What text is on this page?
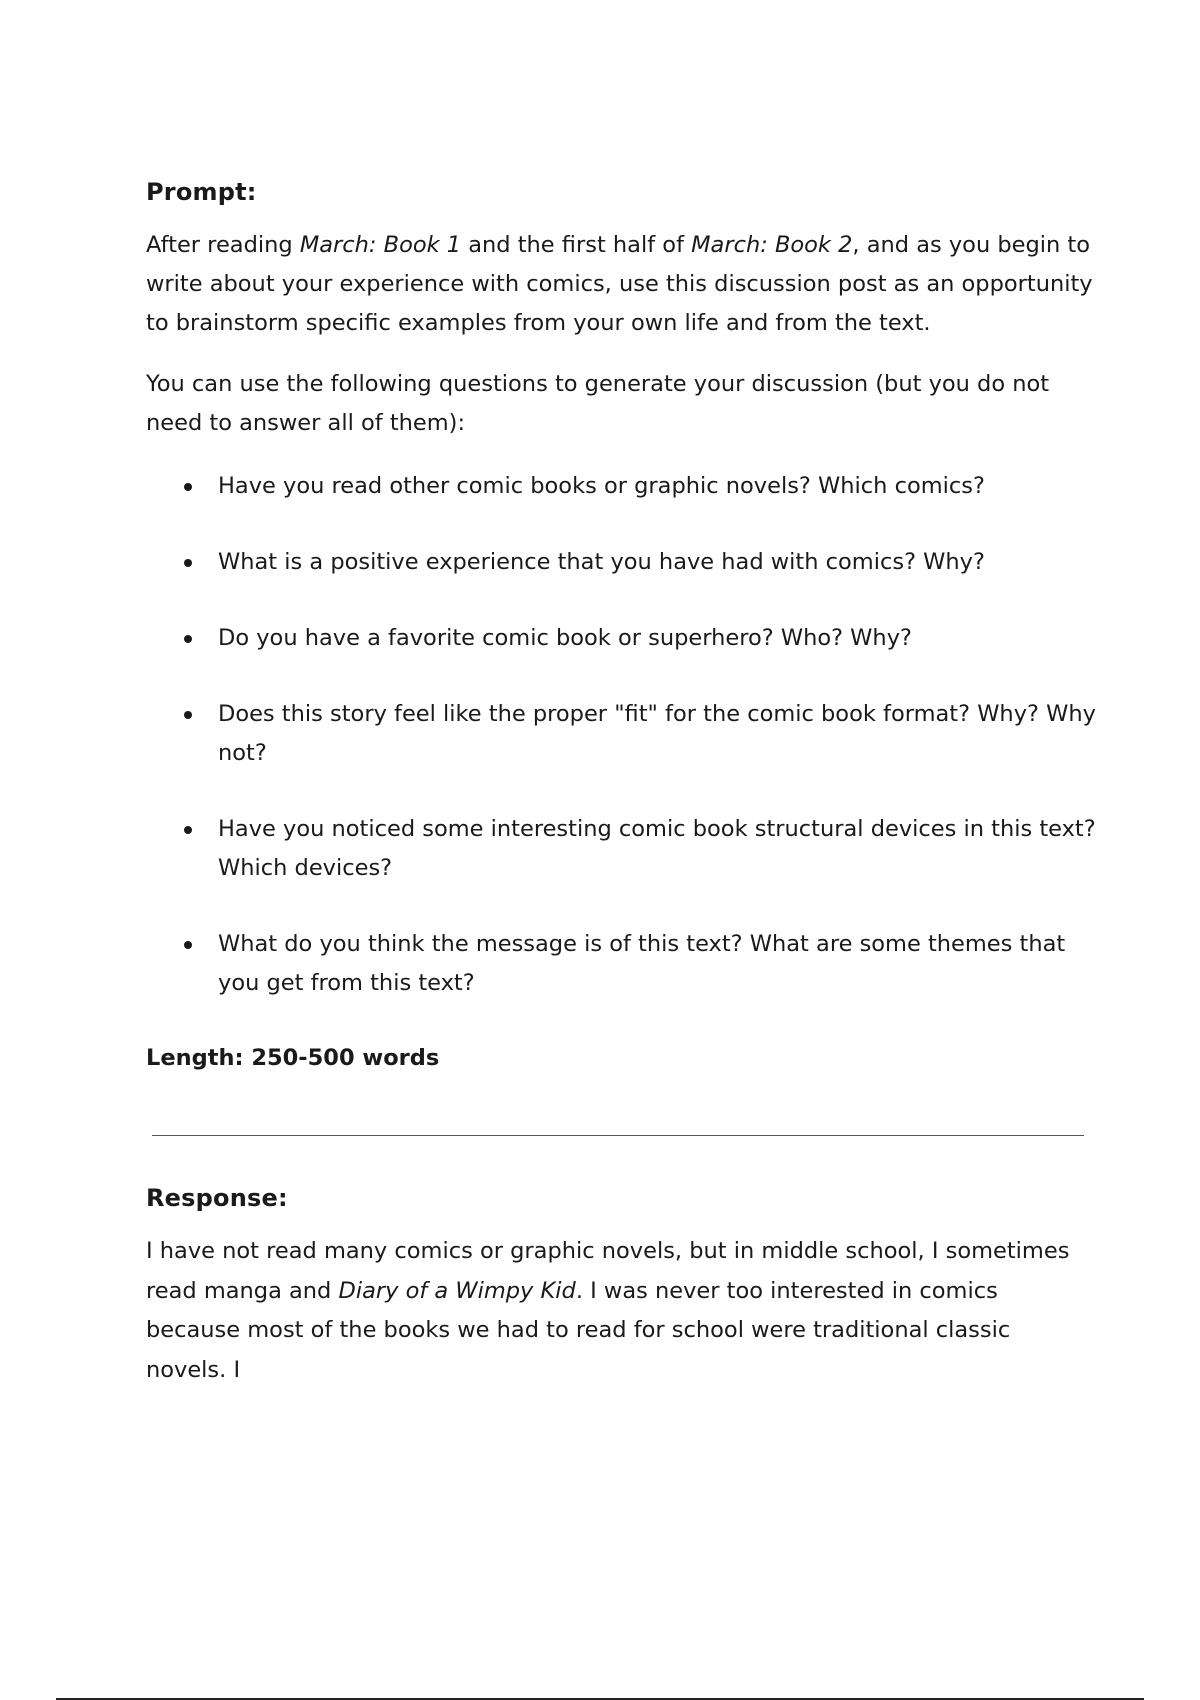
Prompt:

After reading March: Book 1 and the first half of March: Book 2, and as you begin to write about your experience with comics, use this discussion post as an opportunity to brainstorm specific examples from your own life and from the text.

You can use the following questions to generate your discussion (but you do not need to answer all of them):

Have you read other comic books or graphic novels? Which comics?
What is a positive experience that you have had with comics? Why?
Do you have a favorite comic book or superhero? Who? Why?
Does this story feel like the proper "fit" for the comic book format? Why? Why not?
Have you noticed some interesting comic book structural devices in this text? Which devices?
What do you think the message is of this text? What are some themes that you get from this text?

Length: 250-500 words

Response:

I have not read many comics or graphic novels, but in middle school, I sometimes read manga and Diary of a Wimpy Kid. I was never too interested in comics because most of the books we had to read for school were traditional classic novels. I
